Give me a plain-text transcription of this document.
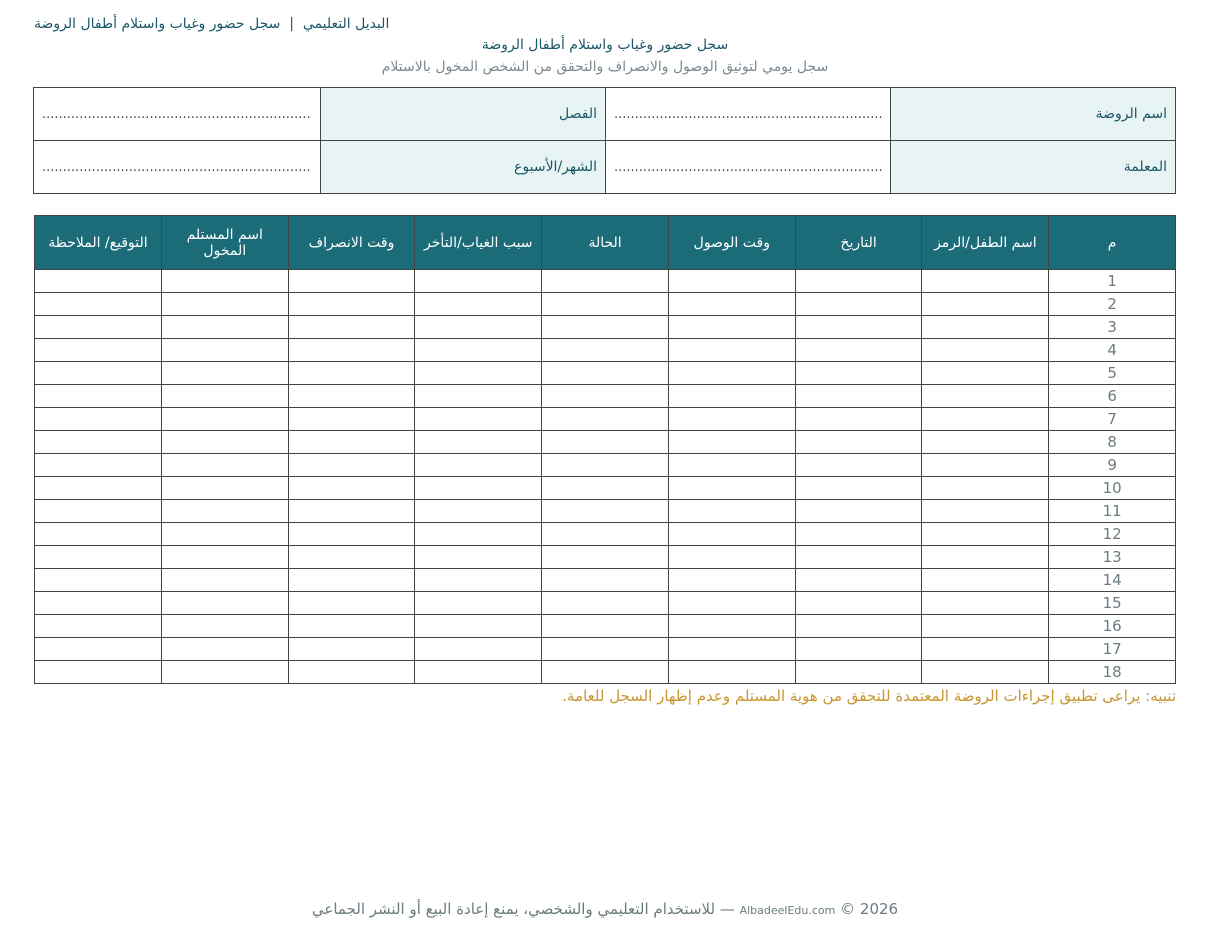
البديل التعليمي  |  سجل حضور وغياب واستلام أطفال الروضة
سجل حضور وغياب واستلام أطفال الروضة
سجل يومي لتوثيق الوصول والانصراف والتحقق من الشخص المخول بالاستلام
اسم الروضة	.................................................................	الفصل	.................................................................
المعلمة	.................................................................	الشهر/الأسبوع	.................................................................
م	اسم الطفل/الرمز	التاريخ	وقت الوصول	الحالة	سبب الغياب/التأخر	وقت الانصراف	اسم المستلم المخول	التوقيع/ الملاحظة
1								
2								
3								
4								
5								
6								
7								
8								
9								
10								
11								
12								
13								
14								
15								
16								
17								
18								
تنبيه: يراعى تطبيق إجراءات الروضة المعتمدة للتحقق من هوية المستلم وعدم إظهار السجل للعامة.
© 2026 AlbadeelEdu.com — للاستخدام التعليمي والشخصي، يمنع إعادة البيع أو النشر الجماعي
